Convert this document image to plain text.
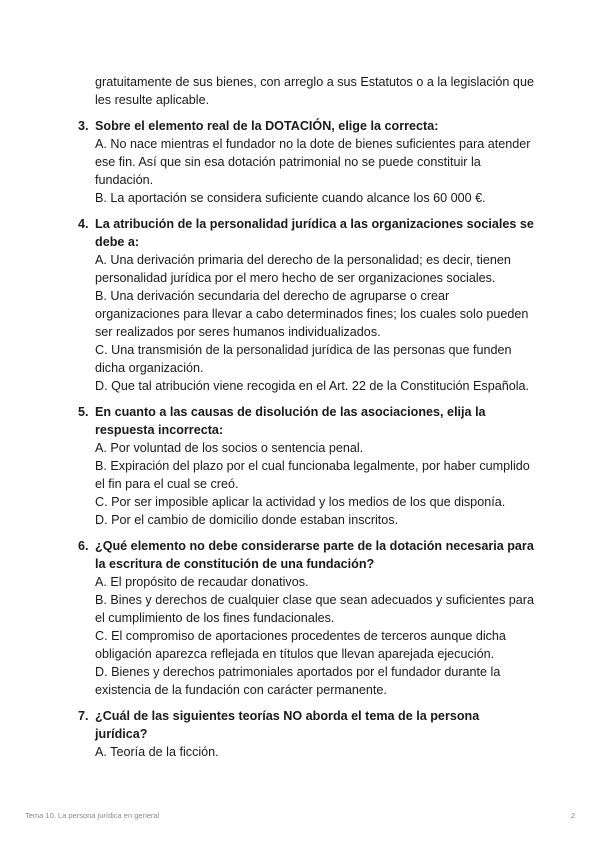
gratuitamente de sus bienes, con arreglo a sus Estatutos o a la legislación que les resulte aplicable.
3. Sobre el elemento real de la DOTACIÓN, elige la correcta:
A. No nace mientras el fundador no la dote de bienes suficientes para atender ese fin. Así que sin esa dotación patrimonial no se puede constituir la fundación.
B. La aportación se considera suficiente cuando alcance los 60 000 €.
4. La atribución de la personalidad jurídica a las organizaciones sociales se debe a:
A. Una derivación primaria del derecho de la personalidad; es decir, tienen personalidad jurídica por el mero hecho de ser organizaciones sociales.
B. Una derivación secundaria del derecho de agruparse o crear organizaciones para llevar a cabo determinados fines; los cuales solo pueden ser realizados por seres humanos individualizados.
C. Una transmisión de la personalidad jurídica de las personas que funden dicha organización.
D. Que tal atribución viene recogida en el Art. 22 de la Constitución Española.
5. En cuanto a las causas de disolución de las asociaciones, elija la respuesta incorrecta:
A. Por voluntad de los socios o sentencia penal.
B. Expiración del plazo por el cual funcionaba legalmente, por haber cumplido el fin para el cual se creó.
C. Por ser imposible aplicar la actividad y los medios de los que disponía.
D. Por el cambio de domicilio donde estaban inscritos.
6. ¿Qué elemento no debe considerarse parte de la dotación necesaria para la escritura de constitución de una fundación?
A. El propósito de recaudar donativos.
B. Bines y derechos de cualquier clase que sean adecuados y suficientes para el cumplimiento de los fines fundacionales.
C. El compromiso de aportaciones procedentes de terceros aunque dicha obligación aparezca reflejada en títulos que llevan aparejada ejecución.
D. Bienes y derechos patrimoniales aportados por el fundador durante la existencia de la fundación con carácter permanente.
7. ¿Cuál de las siguientes teorías NO aborda el tema de la persona jurídica?
A. Teoría de la ficción.
Tema 10. La persona jurídica en general	2
